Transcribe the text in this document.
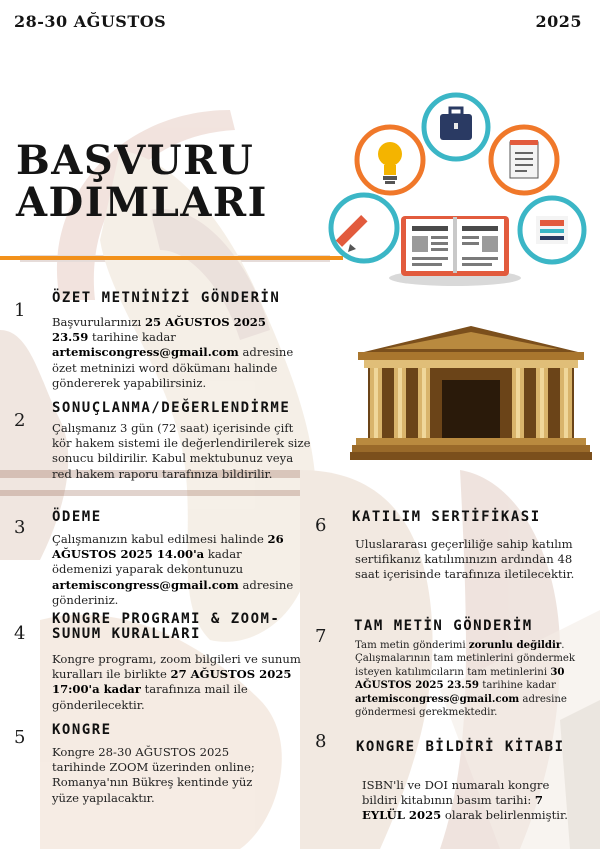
28-30 AĞUSTOS	2025
BAŞVURU
ADIMLARI
1
ÖZET METNİNİZİ GÖNDERİN
Başvurularınızı 25 AĞUSTOS 2025 23.59 tarihine kadar artemiscongress@gmail.com adresine özet metninizi word dökümanı halinde göndererek yapabilirsiniz.
2
SONUÇLANMA/DEĞERLENDİRME
Çalışmanız 3 gün (72 saat) içerisinde çift kör hakem sistemi ile değerlendirilerek size sonucu bildirilir. Kabul mektubunuz veya red hakem raporu tarafınıza bildirilir.
3 ÖDEME
Çalışmanızın kabul edilmesi halinde 26 AĞUSTOS 2025 14.00'a kadar ödemenizi yaparak dekontunuzu artemiscongress@gmail.com adresine gönderiniz.
4
KONGRE PROGRAMI & ZOOM-SUNUM KURALLARI
Kongre programı, zoom bilgileri ve sunum kuralları ile birlikte 27 AĞUSTOS 2025 17:00'a kadar tarafınıza mail ile gönderilecektir.
5 KONGRE
Kongre 28-30 AĞUSTOS 2025 tarihinde ZOOM üzerinden online; Romanya'nın Bükreş kentinde yüz yüze yapılacaktır.
6 KATILIM SERTİFİKASI
Uluslararası geçerliliğe sahip katılım sertifikanız katılımınızın ardından 48 saat içerisinde tarafınıza iletilecektir.
7 TAM METİN GÖNDERİM
Tam metin gönderimi zorunlu değildir. Çalışmalarının tam metinlerini göndermek isteyen katılımcıların tam metinlerini 30 AĞUSTOS 2025 23.59 tarihine kadar artemiscongress@gmail.com adresine göndermesi gerekmektedir.
8 KONGRE BİLDİRİ KİTABI
ISBN'li ve DOI numaralı kongre bildiri kitabının basım tarihi: 7 EYLÜL 2025 olarak belirlenmiştir.
